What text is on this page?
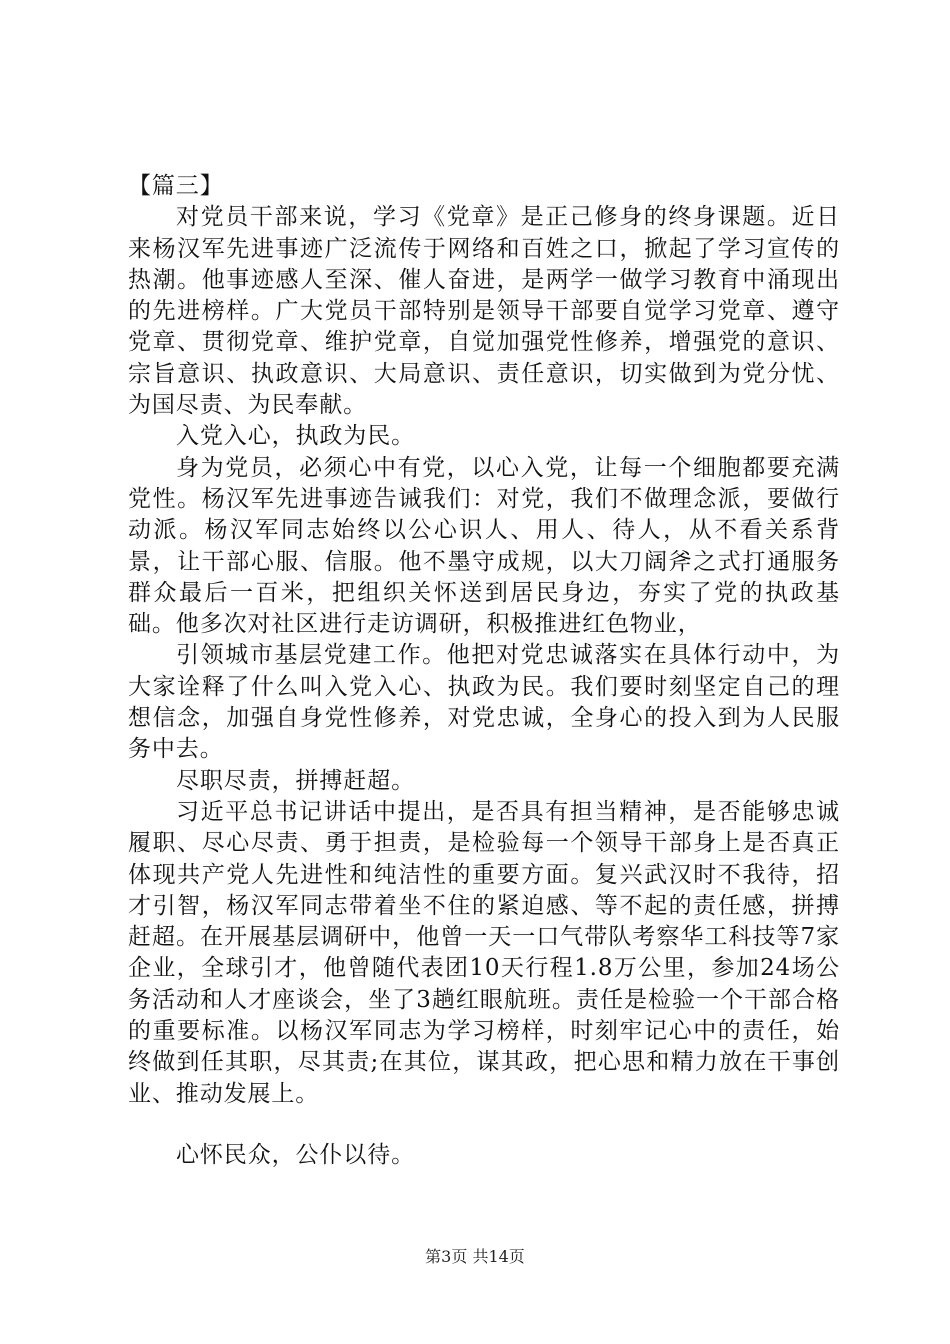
【篇三】

对党员干部来说，学习《党章》是正己修身的终身课题。近日来杨汉军先进事迹广泛流传于网络和百姓之口，掀起了学习宣传的热潮。他事迹感人至深、催人奋进，是两学一做学习教育中涌现出的先进榜样。广大党员干部特别是领导干部要自觉学习党章、遵守党章、贯彻党章、维护党章，自觉加强党性修养，增强党的意识、宗旨意识、执政意识、大局意识、责任意识，切实做到为党分忧、为国尽责、为民奉献。

入党入心，执政为民。

身为党员，必须心中有党，以心入党，让每一个细胞都要充满党性。杨汉军先进事迹告诫我们：对党，我们不做理念派，要做行动派。杨汉军同志始终以公心识人、用人、待人，从不看关系背景，让干部心服、信服。他不墨守成规，以大刀阔斧之式打通服务群众最后一百米，把组织关怀送到居民身边，夯实了党的执政基础。他多次对社区进行走访调研，积极推进红色物业，

引领城市基层党建工作。他把对党忠诚落实在具体行动中，为大家诠释了什么叫入党入心、执政为民。我们要时刻坚定自己的理想信念，加强自身党性修养，对党忠诚，全身心的投入到为人民服务中去。

尽职尽责，拼搏赶超。

习近平总书记讲话中提出，是否具有担当精神，是否能够忠诚履职、尽心尽责、勇于担责，是检验每一个领导干部身上是否真正体现共产党人先进性和纯洁性的重要方面。复兴武汉时不我待，招才引智，杨汉军同志带着坐不住的紧迫感、等不起的责任感，拼搏赶超。在开展基层调研中，他曾一天一口气带队考察华工科技等7家企业，全球引才，他曾随代表团10天行程1.8万公里，参加24场公务活动和人才座谈会，坐了3趟红眼航班。责任是检验一个干部合格的重要标准。以杨汉军同志为学习榜样，时刻牢记心中的责任，始终做到任其职，尽其责;在其位，谋其政，把心思和精力放在干事创业、推动发展上。

心怀民众，公仆以待。

第3页 共14页
